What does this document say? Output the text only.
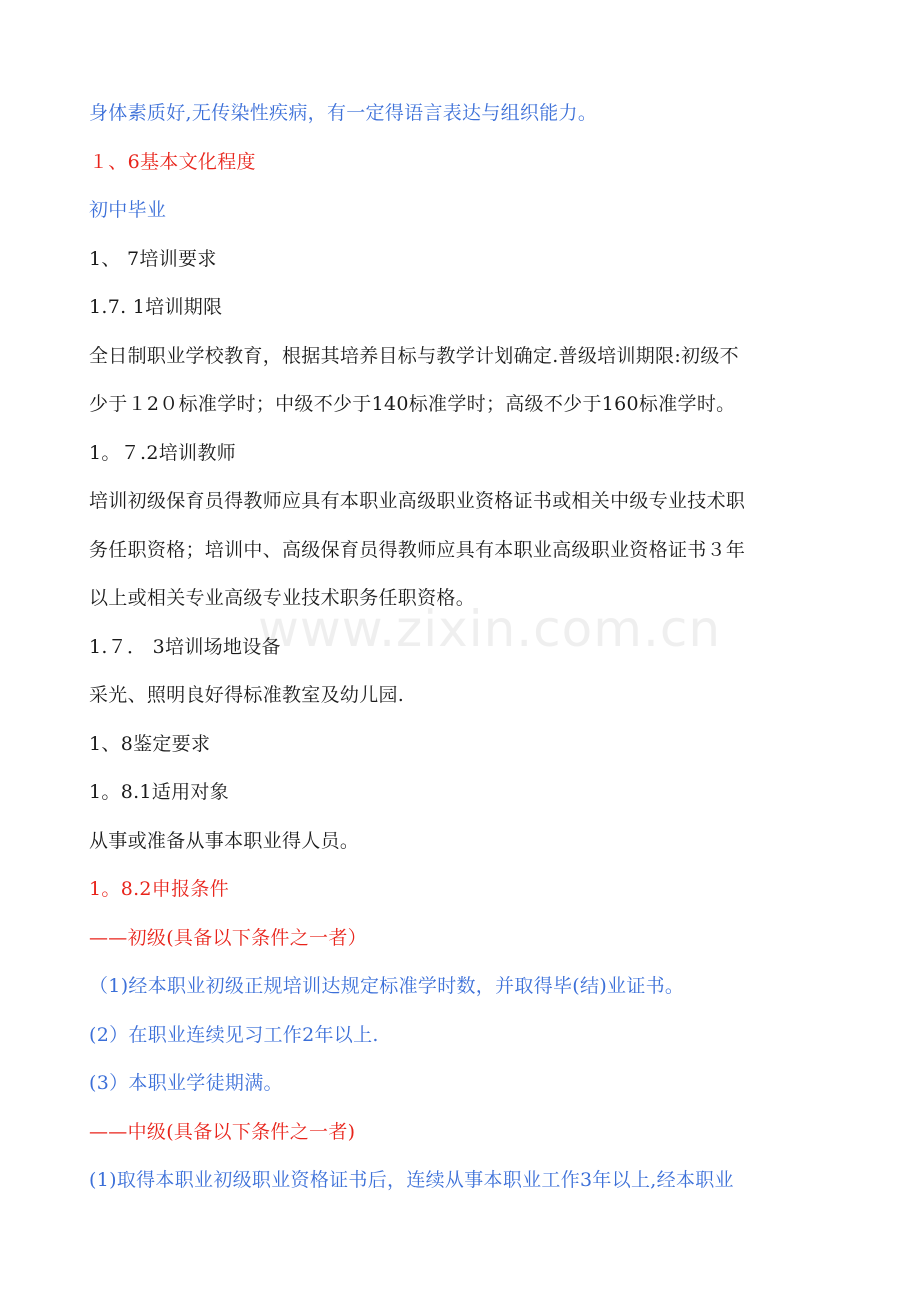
www.zixin.com.cn
身体素质好,无传染性疾病，有一定得语言表达与组织能力。
１、6基本文化程度
初中毕业
1、 7培训要求
1.7. 1培训期限
全日制职业学校教育，根据其培养目标与教学计划确定.普级培训期限:初级不
少于１2０标准学时；中级不少于140标准学时；高级不少于160标准学时。
1。７.2培训教师
培训初级保育员得教师应具有本职业高级职业资格证书或相关中级专业技术职
务任职资格；培训中、高级保育员得教师应具有本职业高级职业资格证书３年
以上或相关专业高级专业技术职务任职资格。
1.７． 3培训场地设备
采光、照明良好得标准教室及幼儿园.
1、8鉴定要求
1。8.1适用对象
从事或准备从事本职业得人员。
1。8.2申报条件
——初级(具备以下条件之一者）
（1)经本职业初级正规培训达规定标准学时数，并取得毕(结)业证书。
(2）在职业连续见习工作2年以上.
(3）本职业学徒期满。
——中级(具备以下条件之一者)
(1)取得本职业初级职业资格证书后，连续从事本职业工作3年以上,经本职业
